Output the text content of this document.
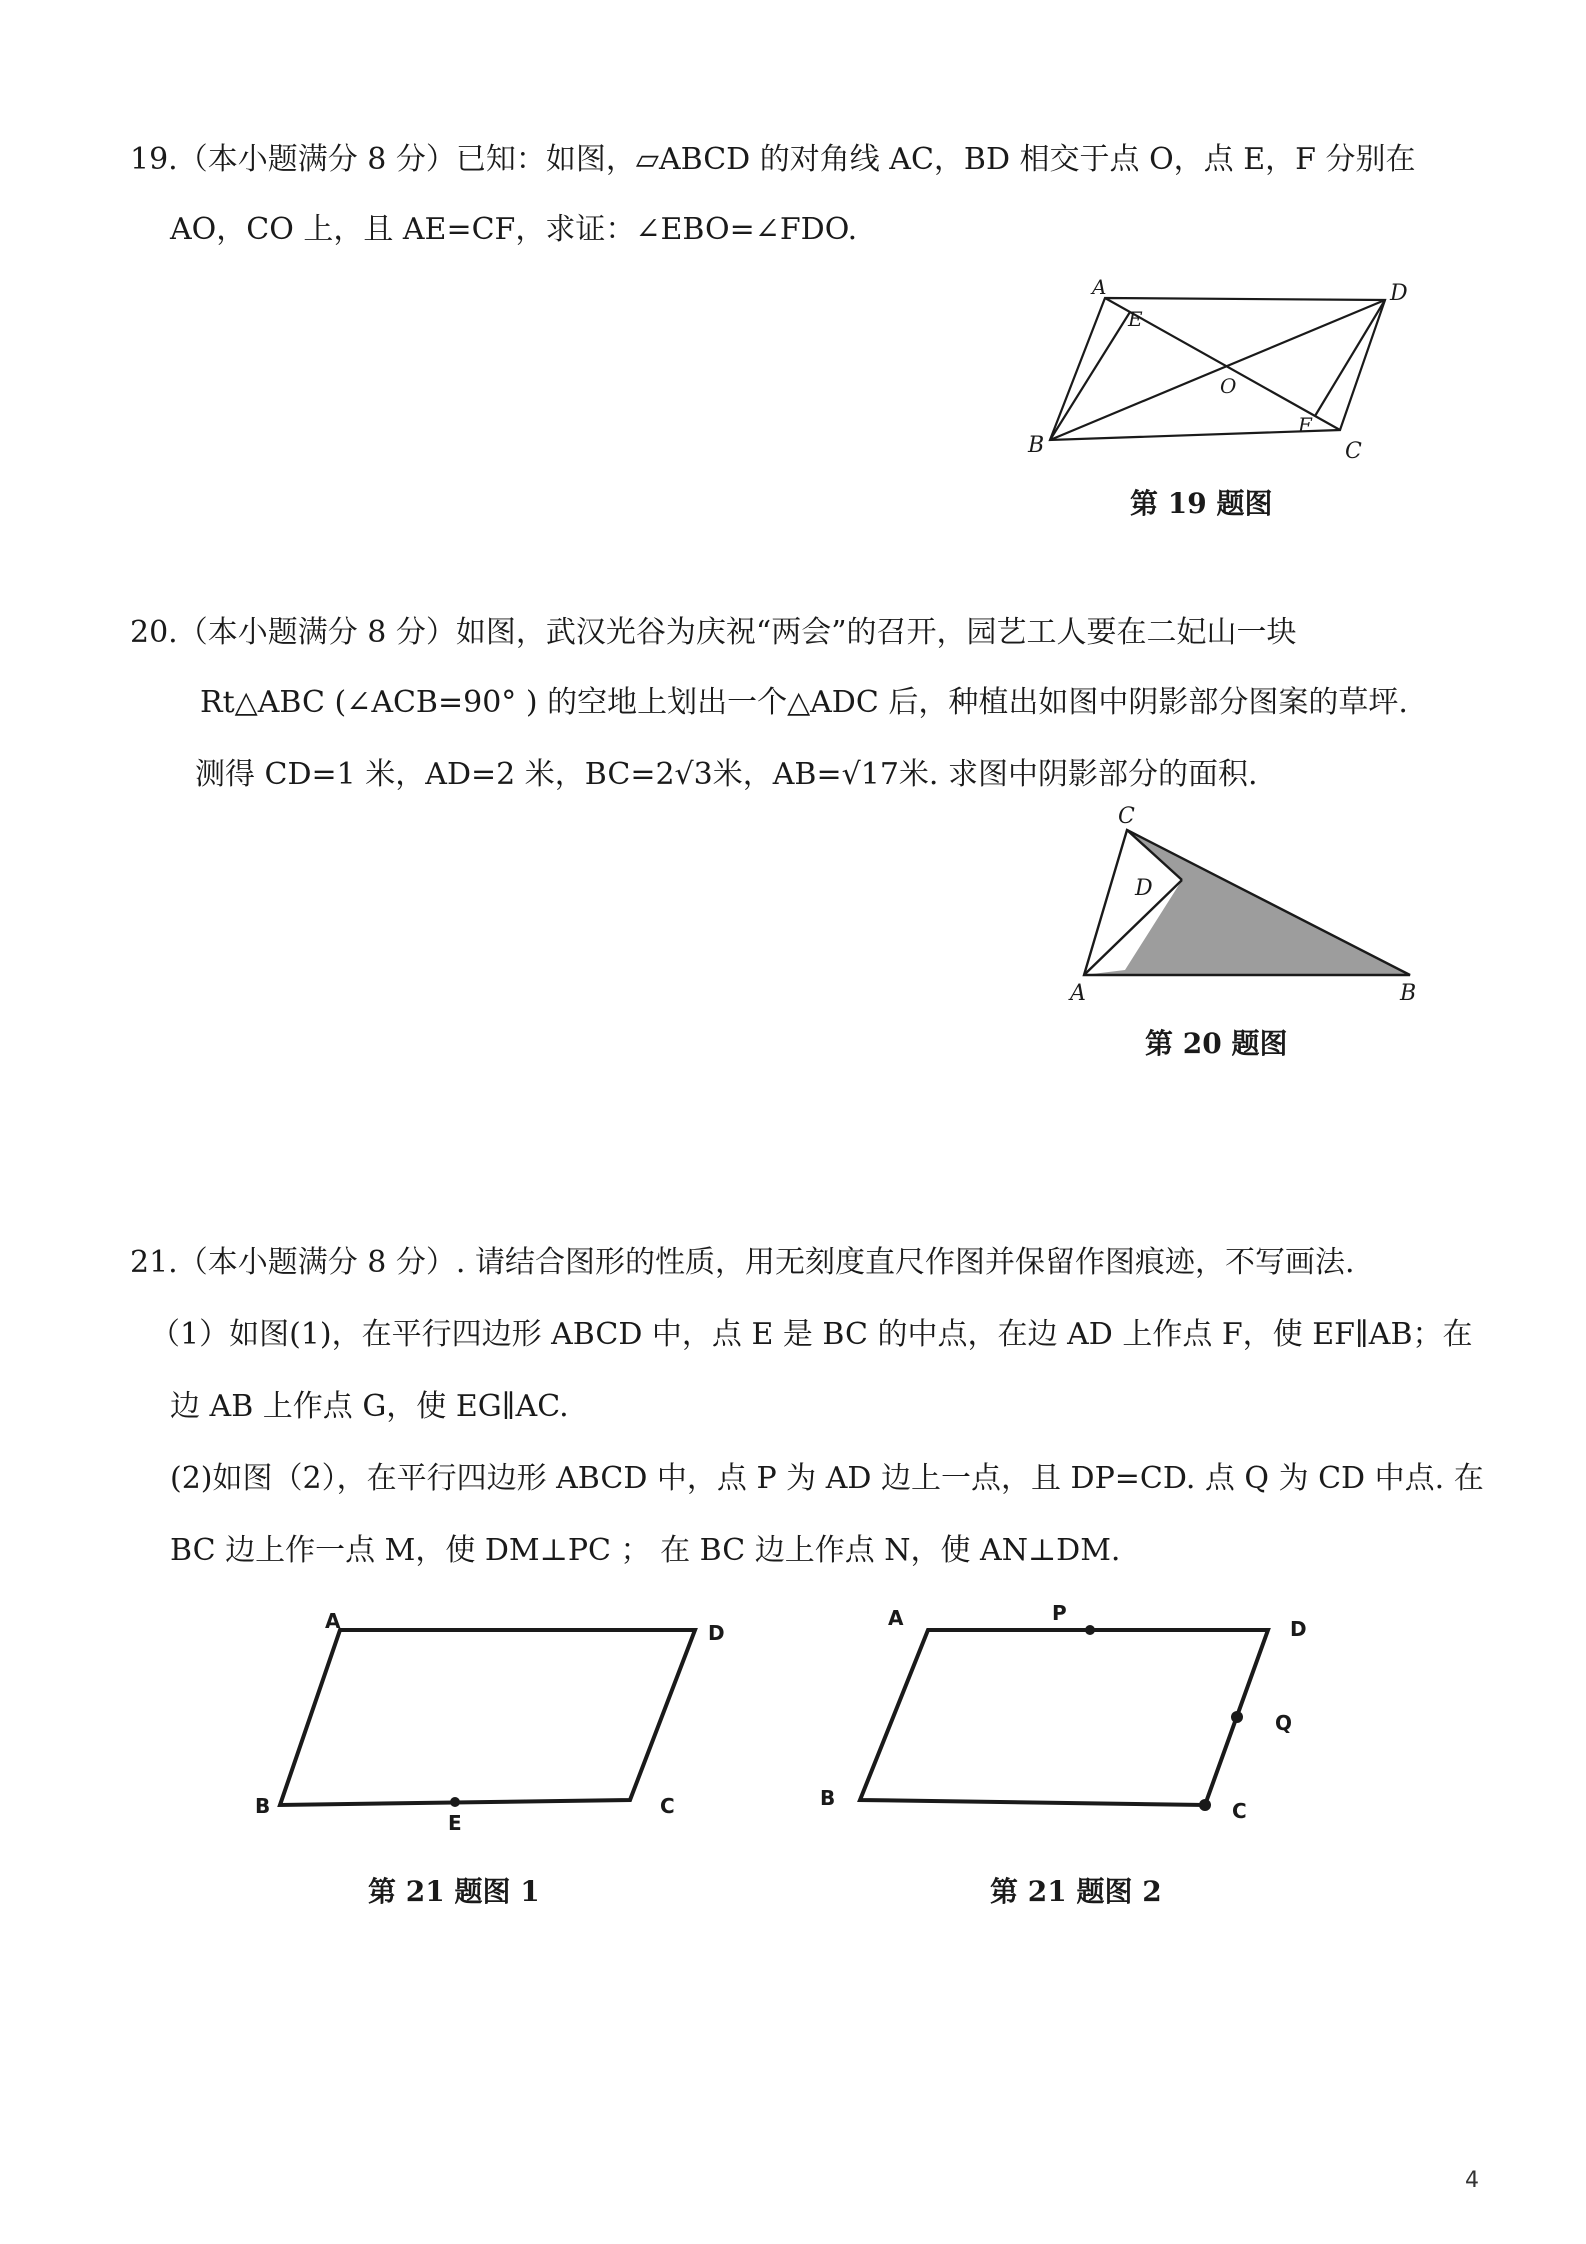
19.（本小题满分 8 分）已知：如图，▱ABCD 的对角线 AC，BD 相交于点 O，点 E，F 分别在
AO，CO 上，且 AE=CF，求证：∠EBO=∠FDO.
A	D
B	C
E
F
O
第 19 题图
20.（本小题满分 8 分）如图，武汉光谷为庆祝“两会”的召开，园艺工人要在二妃山一块
Rt△ABC (∠ACB=90° ) 的空地上划出一个△ADC 后，种植出如图中阴影部分图案的草坪.
测得 CD=1 米，AD=2 米，BC=2√3米，AB=√17米. 求图中阴影部分的面积.
C
D
A	B
第 20 题图
21.（本小题满分 8 分）. 请结合图形的性质，用无刻度直尺作图并保留作图痕迹，不写画法.
（1）如图(1)，在平行四边形 ABCD 中，点 E 是 BC 的中点，在边 AD 上作点 F，使 EF∥AB；在
边 AB 上作点 G，使 EG∥AC.
(2)如图（2），在平行四边形 ABCD 中，点 P 为 AD 边上一点，且 DP=CD. 点 Q 为 CD 中点. 在
BC 边上作一点 M，使 DM⊥PC ； 在 BC 边上作点 N，使 AN⊥DM.
A	D
B	C
E
第 21 题图 1
A	P
D
Q
B
C
第 21 题图 2
4
